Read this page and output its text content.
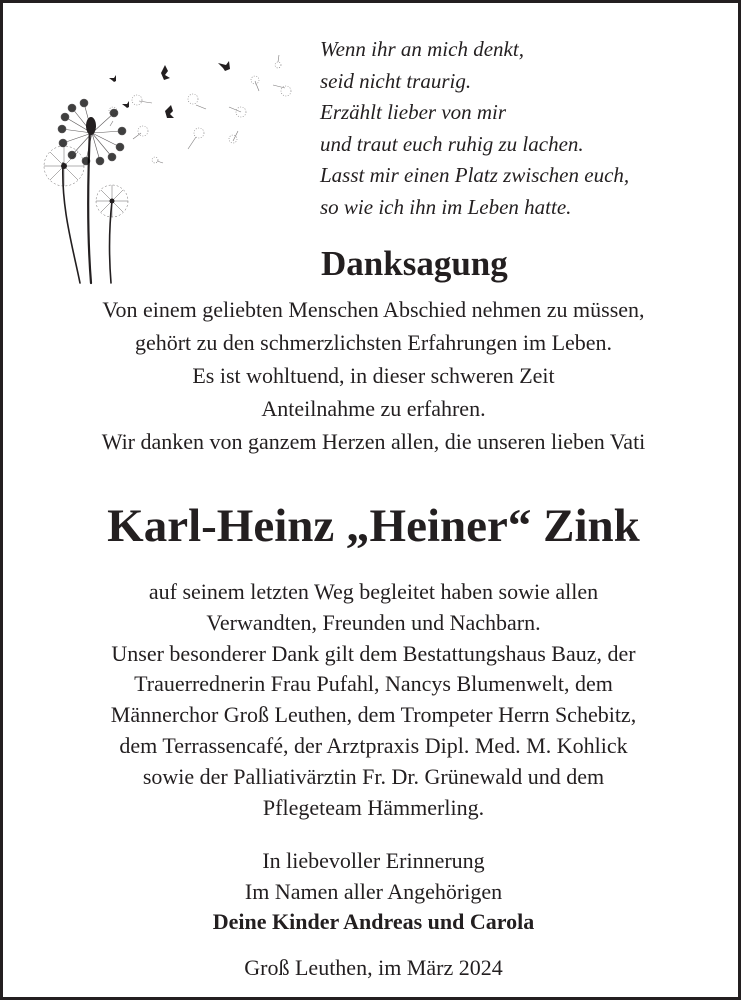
Wenn ihr an mich denkt,
seid nicht traurig.
Erzählt lieber von mir
und traut euch ruhig zu lachen.
Lasst mir einen Platz zwischen euch,
so wie ich ihn im Leben hatte.
Danksagung
Von einem geliebten Menschen Abschied nehmen zu müssen,
gehört zu den schmerzlichsten Erfahrungen im Leben.
Es ist wohltuend, in dieser schweren Zeit
Anteilnahme zu erfahren.
Wir danken von ganzem Herzen allen, die unseren lieben Vati
Karl-Heinz „Heiner“ Zink
auf seinem letzten Weg begleitet haben sowie allen
Verwandten, Freunden und Nachbarn.
Unser besonderer Dank gilt dem Bestattungshaus Bauz, der
Trauerrednerin Frau Pufahl, Nancys Blumenwelt, dem
Männerchor Groß Leuthen, dem Trompeter Herrn Schebitz,
dem Terrassencafé, der Arztpraxis Dipl. Med. M. Kohlick
sowie der Palliativärztin Fr. Dr. Grünewald und dem
Pflegeteam Hämmerling.
In liebevoller Erinnerung
Im Namen aller Angehörigen
Deine Kinder Andreas und Carola
Groß Leuthen, im März 2024
